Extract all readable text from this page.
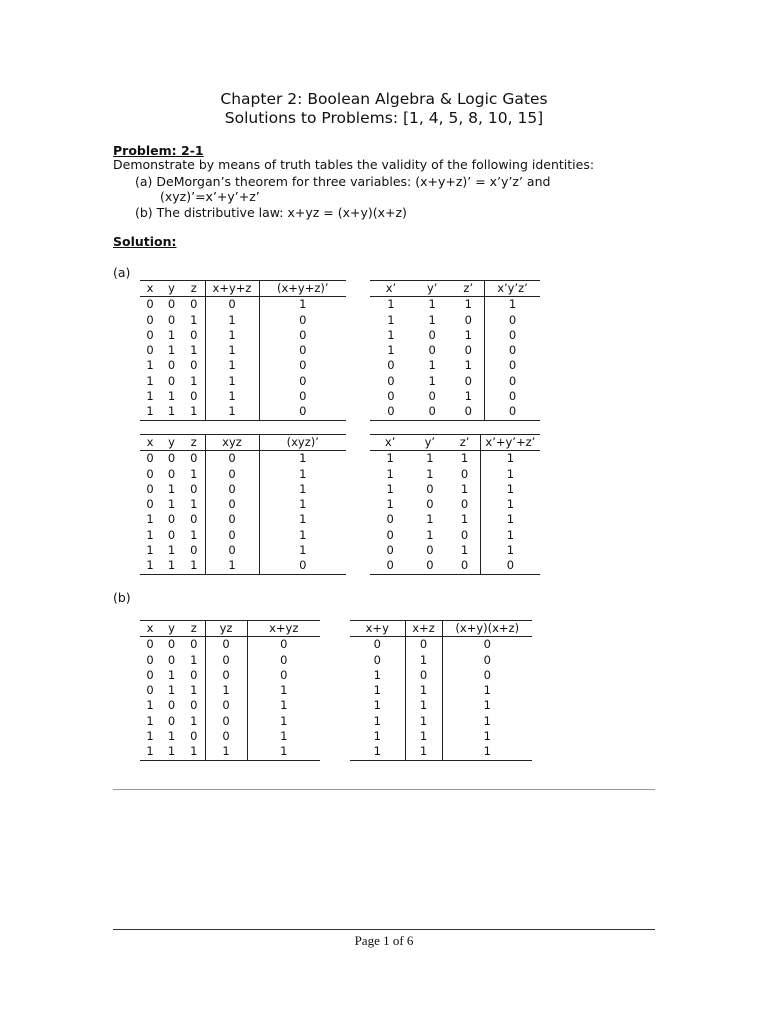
Chapter 2: Boolean Algebra & Logic Gates
Solutions to Problems: [1, 4, 5, 8, 10, 15]
Problem: 2-1
Demonstrate by means of truth tables the validity of the following identities:
(a) DeMorgan’s theorem for three variables: (x+y+z)’ = x’y’z’ and
(xyz)’=x’+y’+z’
(b) The distributive law: x+yz = (x+y)(x+z)
Solution:
(a)
(b)
x	y	z	x+y+z	(x+y+z)’
0	0	0	0	1
0	0	1	1	0
0	1	0	1	0
0	1	1	1	0
1	0	0	1	0
1	0	1	1	0
1	1	0	1	0
1	1	1	1	0
x’	y’	z’	x’y’z’
1	1	1	1
1	1	0	0
1	0	1	0
1	0	0	0
0	1	1	0
0	1	0	0
0	0	1	0
0	0	0	0
x	y	z	xyz	(xyz)’
0	0	0	0	1
0	0	1	0	1
0	1	0	0	1
0	1	1	0	1
1	0	0	0	1
1	0	1	0	1
1	1	0	0	1
1	1	1	1	0
x’	y’	z’	x’+y’+z’
1	1	1	1
1	1	0	1
1	0	1	1
1	0	0	1
0	1	1	1
0	1	0	1
0	0	1	1
0	0	0	0
x	y	z	yz	x+yz
0	0	0	0	0
0	0	1	0	0
0	1	0	0	0
0	1	1	1	1
1	0	0	0	1
1	0	1	0	1
1	1	0	0	1
1	1	1	1	1
x+y	x+z	(x+y)(x+z)
0	0	0
0	1	0
1	0	0
1	1	1
1	1	1
1	1	1
1	1	1
1	1	1
Page 1 of 6
